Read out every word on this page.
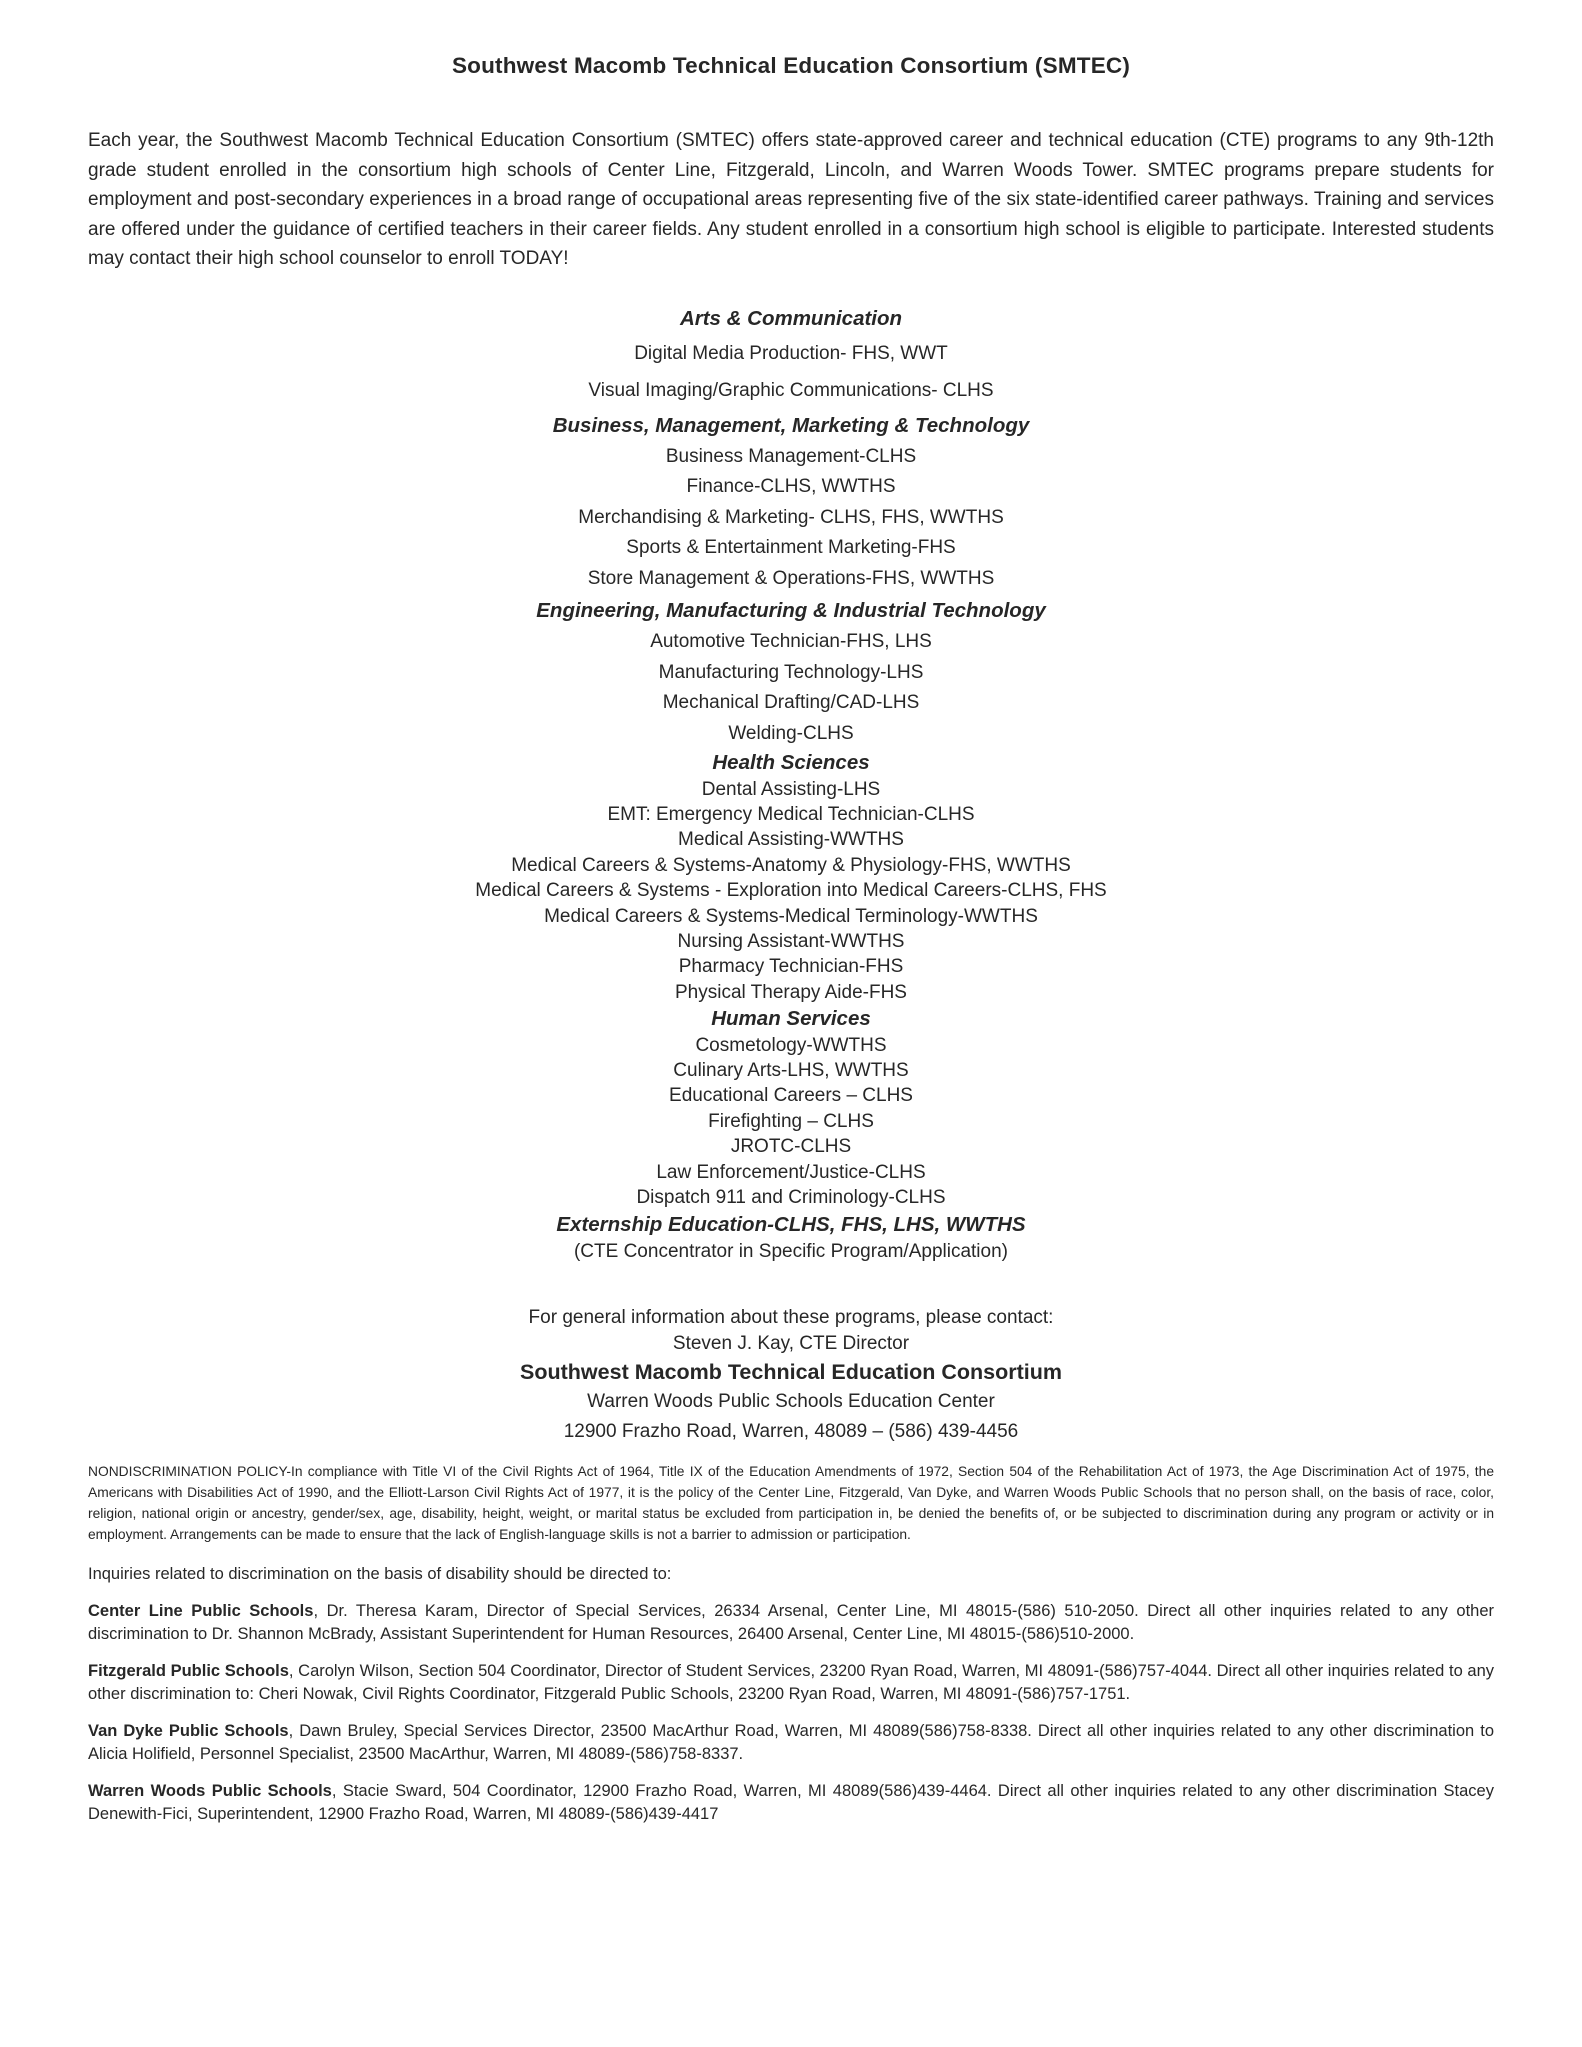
Southwest Macomb Technical Education Consortium (SMTEC)

Each year, the Southwest Macomb Technical Education Consortium (SMTEC) offers state-approved career and technical education (CTE) programs to any 9th-12th grade student enrolled in the consortium high schools of Center Line, Fitzgerald, Lincoln, and Warren Woods Tower. SMTEC programs prepare students for employment and post-secondary experiences in a broad range of occupational areas representing five of the six state-identified career pathways. Training and services are offered under the guidance of certified teachers in their career fields. Any student enrolled in a consortium high school is eligible to participate. Interested students may contact their high school counselor to enroll TODAY!

Arts & Communication
Digital Media Production- FHS, WWT
Visual Imaging/Graphic Communications- CLHS
Business, Management, Marketing & Technology
Business Management-CLHS
Finance-CLHS, WWTHS
Merchandising & Marketing- CLHS, FHS, WWTHS
Sports & Entertainment Marketing-FHS
Store Management & Operations-FHS, WWTHS
Engineering, Manufacturing & Industrial Technology
Automotive Technician-FHS, LHS
Manufacturing Technology-LHS
Mechanical Drafting/CAD-LHS
Welding-CLHS
Health Sciences
Dental Assisting-LHS
EMT: Emergency Medical Technician-CLHS
Medical Assisting-WWTHS
Medical Careers & Systems-Anatomy & Physiology-FHS, WWTHS
Medical Careers & Systems - Exploration into Medical Careers-CLHS, FHS
Medical Careers & Systems-Medical Terminology-WWTHS
Nursing Assistant-WWTHS
Pharmacy Technician-FHS
Physical Therapy Aide-FHS
Human Services
Cosmetology-WWTHS
Culinary Arts-LHS, WWTHS
Educational Careers – CLHS
Firefighting – CLHS
JROTC-CLHS
Law Enforcement/Justice-CLHS
Dispatch 911 and Criminology-CLHS
Externship Education-CLHS, FHS, LHS, WWTHS
(CTE Concentrator in Specific Program/Application)
For general information about these programs, please contact:
Steven J. Kay, CTE Director
Southwest Macomb Technical Education Consortium
Warren Woods Public Schools Education Center
12900 Frazho Road, Warren, 48089 – (586) 439-4456

NONDISCRIMINATION POLICY-In compliance with Title VI of the Civil Rights Act of 1964, Title IX of the Education Amendments of 1972, Section 504 of the Rehabilitation Act of 1973, the Age Discrimination Act of 1975, the Americans with Disabilities Act of 1990, and the Elliott-Larson Civil Rights Act of 1977, it is the policy of the Center Line, Fitzgerald, Van Dyke, and Warren Woods Public Schools that no person shall, on the basis of race, color, religion, national origin or ancestry, gender/sex, age, disability, height, weight, or marital status be excluded from participation in, be denied the benefits of, or be subjected to discrimination during any program or activity or in employment. Arrangements can be made to ensure that the lack of English-language skills is not a barrier to admission or participation.

Inquiries related to discrimination on the basis of disability should be directed to:

Center Line Public Schools, Dr. Theresa Karam, Director of Special Services, 26334 Arsenal, Center Line, MI 48015-(586) 510-2050. Direct all other inquiries related to any other discrimination to Dr. Shannon McBrady, Assistant Superintendent for Human Resources, 26400 Arsenal, Center Line, MI 48015-(586)510-2000.

Fitzgerald Public Schools, Carolyn Wilson, Section 504 Coordinator, Director of Student Services, 23200 Ryan Road, Warren, MI 48091-(586)757-4044. Direct all other inquiries related to any other discrimination to: Cheri Nowak, Civil Rights Coordinator, Fitzgerald Public Schools, 23200 Ryan Road, Warren, MI 48091-(586)757-1751.

Van Dyke Public Schools, Dawn Bruley, Special Services Director, 23500 MacArthur Road, Warren, MI 48089(586)758-8338. Direct all other inquiries related to any other discrimination to Alicia Holifield, Personnel Specialist, 23500 MacArthur, Warren, MI 48089-(586)758-8337.

Warren Woods Public Schools, Stacie Sward, 504 Coordinator, 12900 Frazho Road, Warren, MI 48089(586)439-4464. Direct all other inquiries related to any other discrimination Stacey Denewith-Fici, Superintendent, 12900 Frazho Road, Warren, MI 48089-(586)439-4417
